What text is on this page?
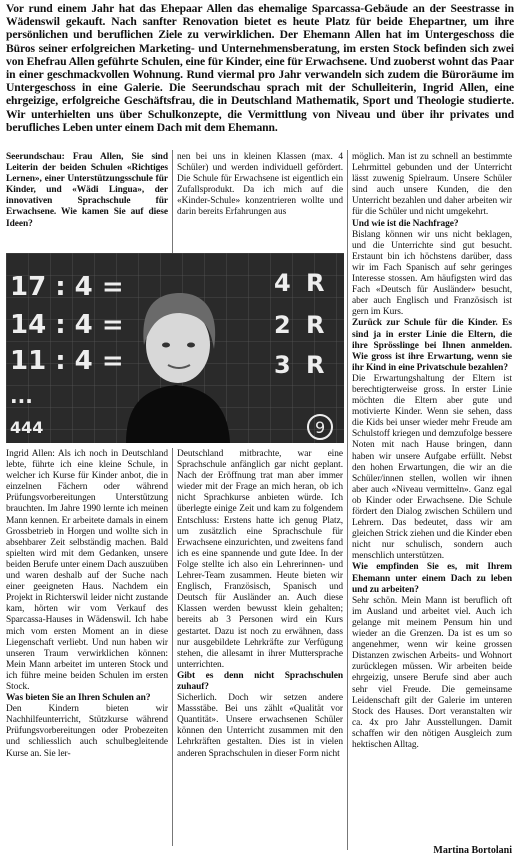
Vor rund einem Jahr hat das Ehepaar Allen das ehemalige Sparcassa-Gebäude an der Seestrasse in Wädenswil gekauft. Nach sanfter Renovation bietet es heute Platz für beide Ehepartner, um ihre persönlichen und beruflichen Ziele zu verwirklichen. Der Ehemann Allen hat im Untergeschoss die Büros seiner erfolgreichen Marketing- und Unternehmensberatung, im ersten Stock befinden sich zwei von Ehefrau Allen geführte Schulen, eine für Kinder, eine für Erwachsene. Und zuoberst wohnt das Paar in einer geschmackvollen Wohnung. Rund viermal pro Jahr verwandeln sich zudem die Büroräume im Untergeschoss in eine Galerie. Die Seerundschau sprach mit der Schulleiterin, Ingrid Allen, eine ehrgeizige, erfolgreiche Geschäftsfrau, die in Deutschland Mathematik, Sport und Theologie studierte. Wir unterhielten uns über Schulkonzepte, die Vermittlung von Niveau und über ihr privates und berufliches Leben unter einem Dach mit dem Ehemann.

Seerundschau: Frau Allen, Sie sind Leiterin der beiden Schulen «Richtiges Lernen», einer Unterstützungsschule für Kinder, und «Wädi Lingua», der innovativen Sprachschule für Erwachsene. Wie kamen Sie auf diese Ideen?

nen bei uns in kleinen Klassen (max. 4 Schüler) und werden individuell gefördert. Die Schule für Erwachsene ist eigentlich ein Zufallsprodukt. Da ich mich auf die «Kinder-Schule» konzentrieren wollte und darin bereits Erfahrungen aus

17 : 4 =
14 : 4 =
11 : 4 =
...
444
4 R
2 R
3 R
9

Ingrid Allen: Als ich noch in Deutschland lebte, führte ich eine kleine Schule, in welcher ich Kurse für Kinder anbot, die in einzelnen Fächern oder während Prüfungsvorbereitungen Unterstützung brauchten. Im Jahre 1990 lernte ich meinen Mann kennen. Er arbeitete damals in einem Grossbetrieb in Horgen und wollte sich in absehbarer Zeit selbständig machen. Bald spielten wird mit dem Gedanken, unsere beiden Berufe unter einem Dach auszuüben und waren deshalb auf der Suche nach einer geeigneten Haus. Nachdem ein Projekt in Richterswil leider nicht zustande kam, hörten wir vom Verkauf des Sparcassa-Hauses in Wädenswil. Ich habe mich vom ersten Moment an in diese Liegenschaft verliebt. Und nun haben wir unseren Traum verwirklichen können: Mein Mann arbeitet im unteren Stock und ich führe meine beiden Schulen im ersten Stock.

Was bieten Sie an Ihren Schulen an?

Den Kindern bieten wir Nachhilfeunterricht, Stützkurse während Prüfungsvorbereitungen oder Probezeiten und schliesslich auch schulbegleitende Kurse an. Sie ler-

Deutschland mitbrachte, war eine Sprachschule anfänglich gar nicht geplant. Nach der Eröffnung trat man aber immer wieder mit der Frage an mich heran, ob ich nicht Sprachkurse anbieten würde. Ich überlegte einige Zeit und kam zu folgendem Entschluss: Erstens hatte ich genug Platz, um zusätzlich eine Sprachschule für Erwachsene einzurichten, und zweitens fand ich es eine spannende und gute Idee. In der Folge stellte ich also ein Lehrerinnen- und Lehrer-Team zusammen. Heute bieten wir Englisch, Französisch, Spanisch und Deutsch für Ausländer an. Auch diese Klassen werden bewusst klein gehalten; bereits ab 3 Personen wird ein Kurs gestartet. Dazu ist noch zu erwähnen, dass nur ausgebildete Lehrkräfte zur Verfügung stehen, die allesamt in ihrer Muttersprache unterrichten.

Gibt es denn nicht Sprachschulen zuhauf?

Sicherlich. Doch wir setzen andere Massstäbe. Bei uns zählt «Qualität vor Quantität». Unsere erwachsenen Schüler können den Unterricht zusammen mit den Lehrkräften gestalten. Dies ist in vielen anderen Sprachschulen in dieser Form nicht

möglich. Man ist zu schnell an bestimmte Lehrmittel gebunden und der Unterricht lässt zuwenig Spielraum. Unsere Schüler sind auch unsere Kunden, die den Unterricht bezahlen und daher arbeiten wir für die Schüler und nicht umgekehrt.

Und wie ist die Nachfrage?

Bislang können wir uns nicht beklagen, und die Unterrichte sind gut besucht. Erstaunt bin ich höchstens darüber, dass wir im Fach Spanisch auf sehr geringes Interesse stossen. Am häufigsten wird das Fach «Deutsch für Ausländer» besucht, aber auch Englisch und Französisch ist gern im Kurs.

Zurück zur Schule für die Kinder. Es sind ja in erster Linie die Eltern, die ihre Sprösslinge bei Ihnen anmelden. Wie gross ist ihre Erwartung, wenn sie ihr Kind in eine Privatschule bezahlen?

Die Erwartungshaltung der Eltern ist berechtigterweise gross. In erster Linie möchten die Eltern aber gute und motivierte Kinder. Wenn sie sehen, dass die Kids bei unser wieder mehr Freude am Schulstoff kriegen und demzufolge bessere Noten mit nach Hause bringen, dann haben wir unsere Aufgabe erfüllt. Nebst den hohen Erwartungen, die wir an die Schüler/innen stellen, wollen wir ihnen aber auch «Niveau vermitteln». Ganz egal ob Kinder oder Erwachsene. Die Schule fördert den Dialog zwischen Schülern und Lehrern. Das bedeutet, dass wir am gleichen Strick ziehen und die Kinder eben nicht nur schulisch, sondern auch menschlich unterstützen.

Wie empfinden Sie es, mit Ihrem Ehemann unter einem Dach zu leben und zu arbeiten?

Sehr schön. Mein Mann ist beruflich oft im Ausland und arbeitet viel. Auch ich gelange mit meinem Pensum hin und wieder an die Grenzen. Da ist es um so angenehmer, wenn wir keine grossen Distanzen zwischen Arbeits- und Wohnort zurücklegen müssen. Wir arbeiten beide ehrgeizig, unsere Berufe sind aber auch sehr viel Freude. Die gemeinsame Leidenschaft gilt der Galerie im unteren Stock des Hauses. Dort veranstalten wir ca. 4x pro Jahr Ausstellungen. Damit schaffen wir den nötigen Ausgleich zum hektischen Alltag.

Martina Bortolani
